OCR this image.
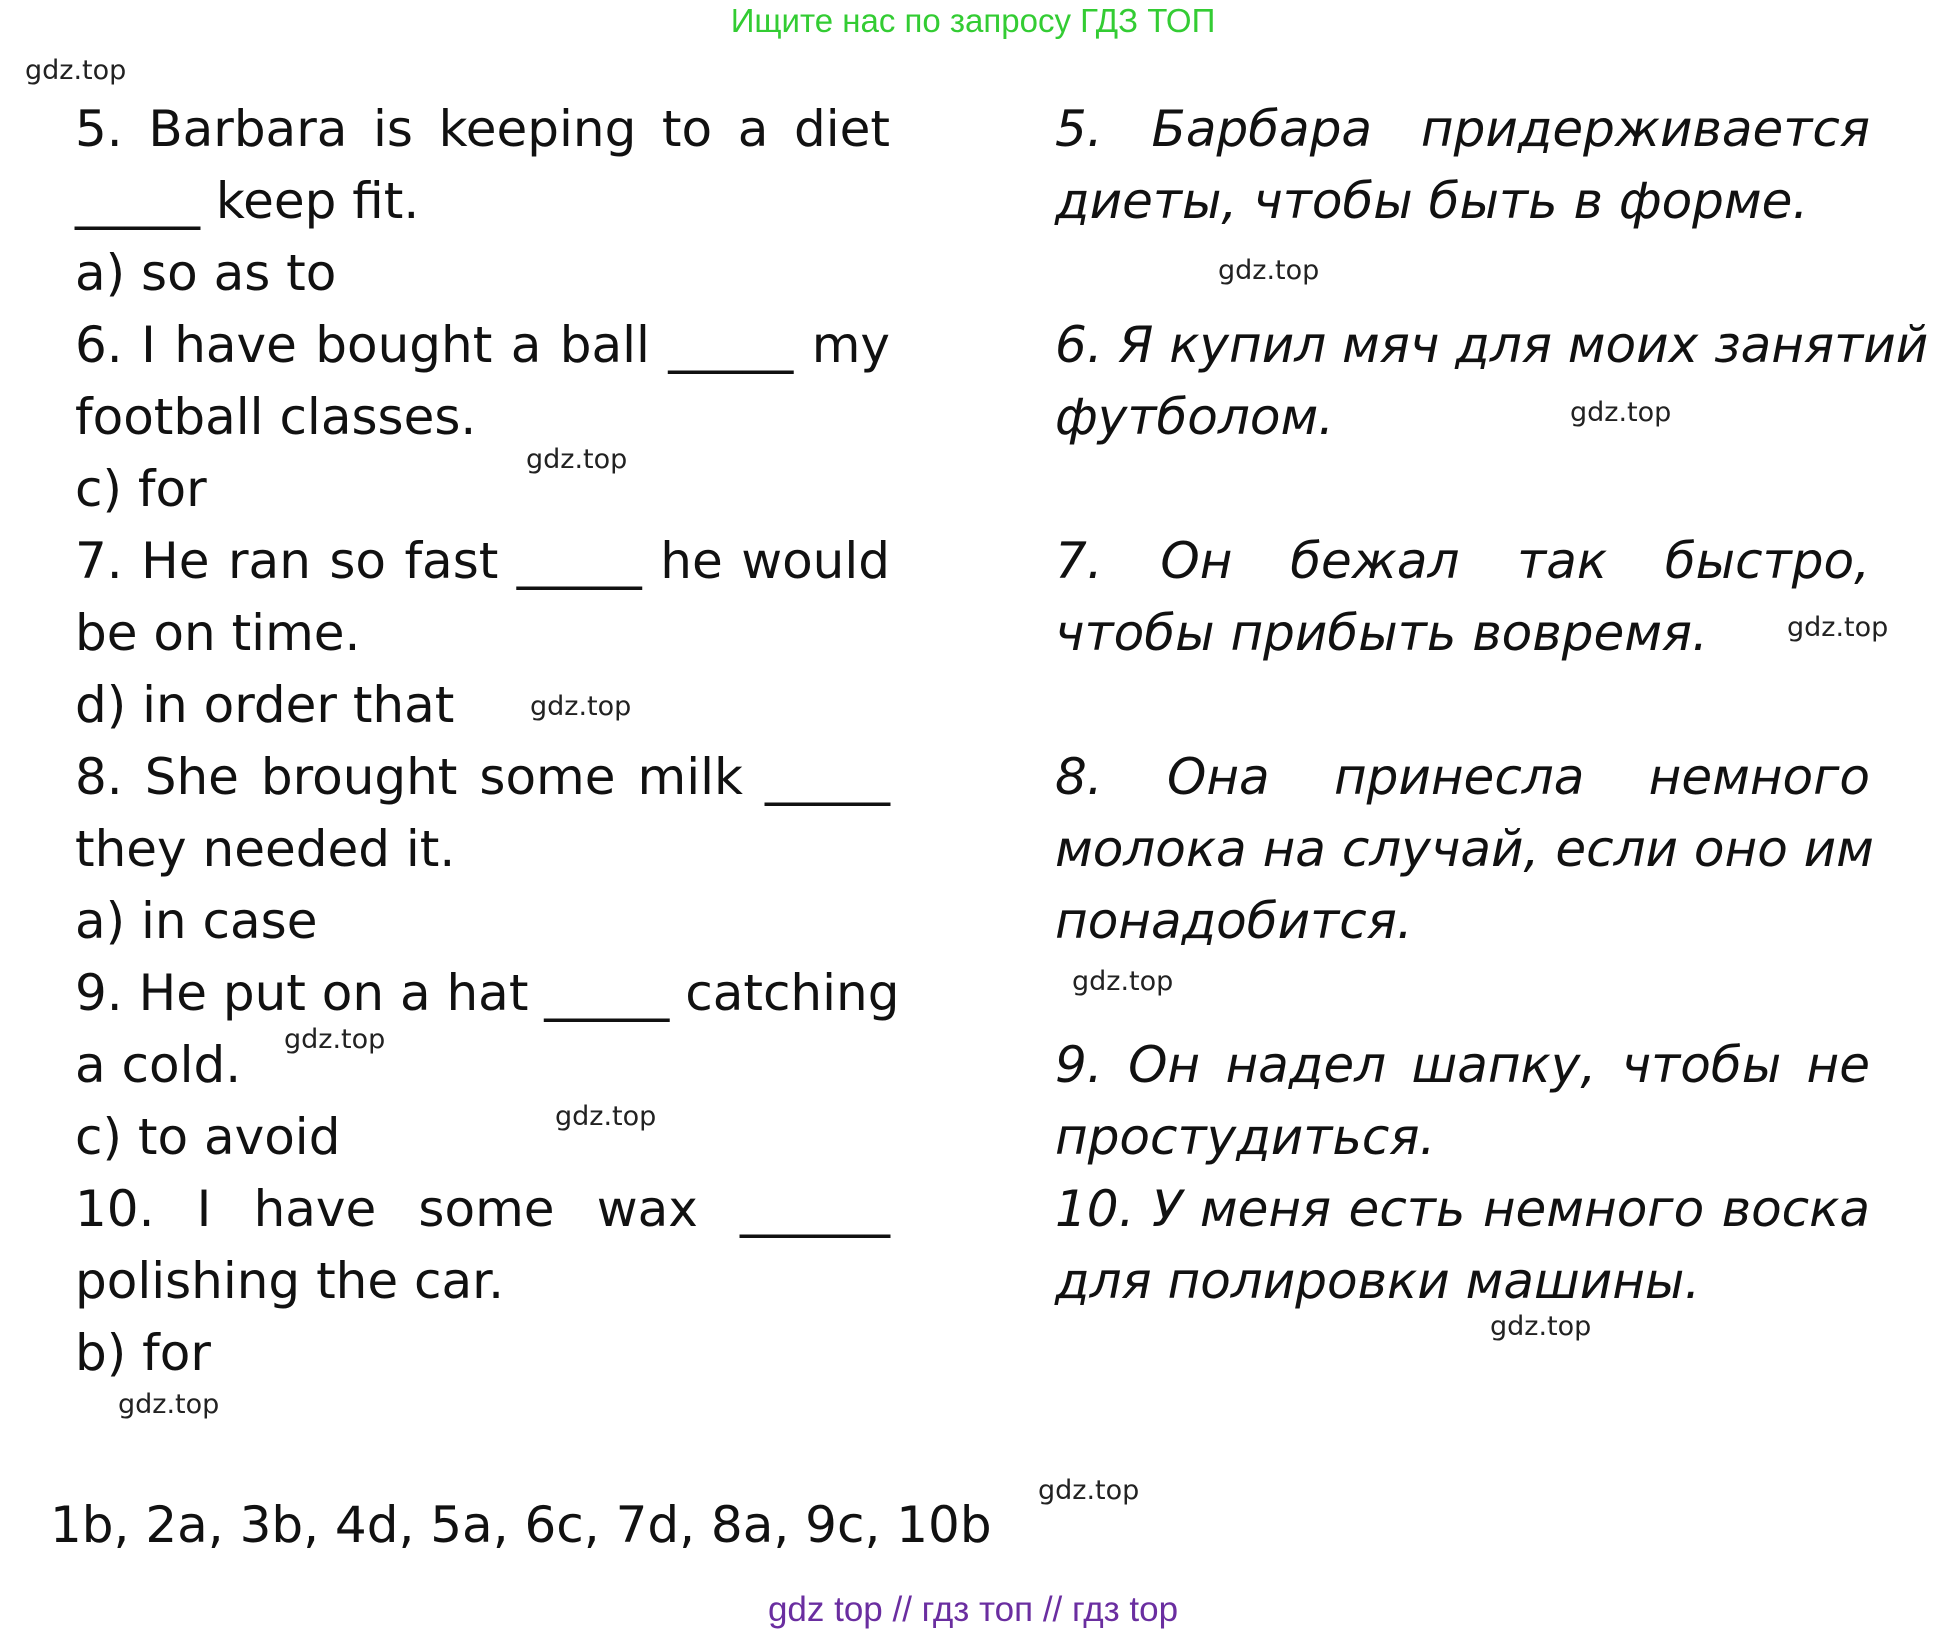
Ищите нас по запросу ГДЗ ТОП
gdz.top
gdz.top
gdz.top
gdz.top
gdz.top
gdz.top
gdz.top
gdz.top
gdz.top
gdz.top
gdz.top
gdz.top
5. Barbara is keeping to a diet
_____ keep fit.
a) so as to
6. I have bought a ball _____ my
football classes.
c) for
7. He ran so fast _____ he would
be on time.
d) in order that
8. She brought some milk _____
they needed it.
a) in case
9. He put on a hat _____ catching
a cold.
c) to avoid
10. I have some wax ______
polishing the car.
b) for
5. Барбара придерживается
диеты, чтобы быть в форме.
6. Я купил мяч для моих занятий
футболом.
7. Он бежал так быстро,
чтобы прибыть вовремя.
8. Она принесла немного
молока на случай, если оно им
понадобится.
9. Он надел шапку, чтобы не
простудиться.
10. У меня есть немного воска
для полировки машины.
1b, 2a, 3b, 4d, 5a, 6c, 7d, 8a, 9c, 10b
gdz top // гдз топ // гдз top
